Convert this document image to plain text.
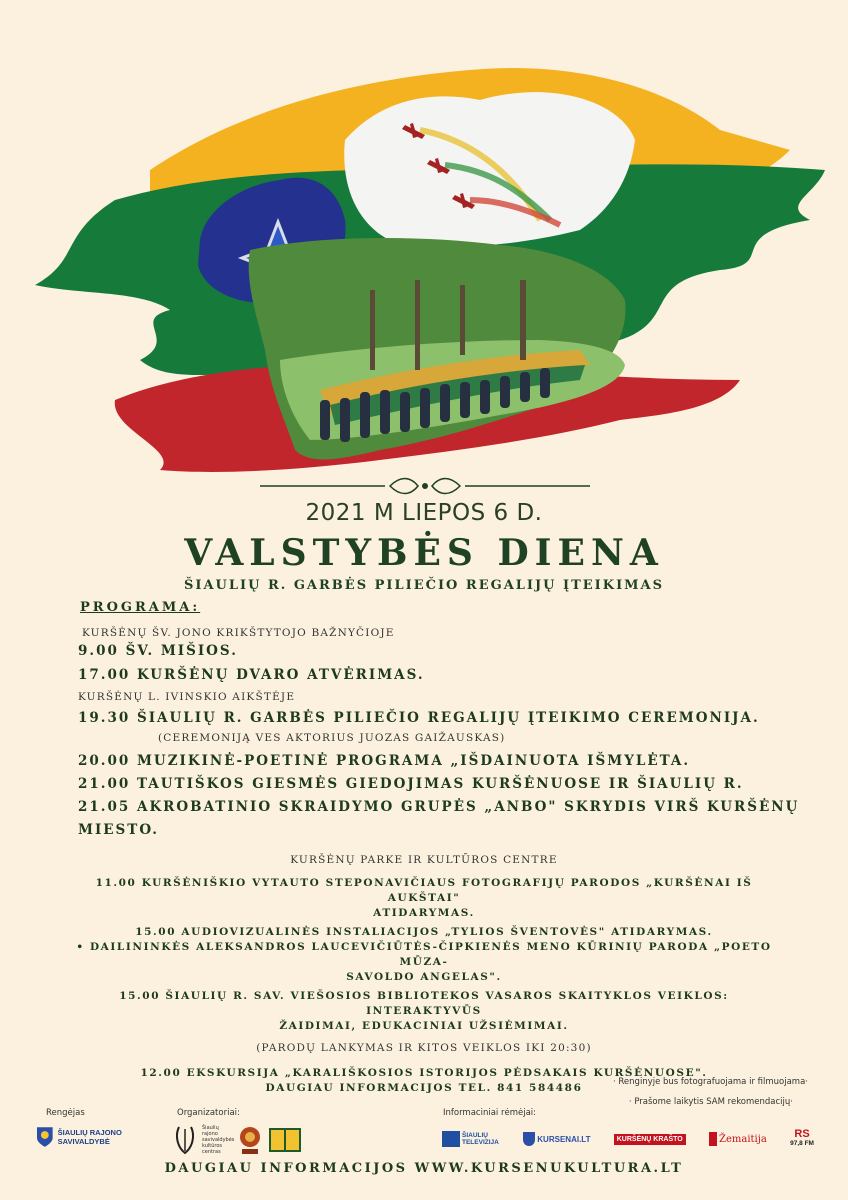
2021 M LIEPOS 6 D.
VALSTYBĖS DIENA
ŠIAULIŲ R. GARBĖS PILIEČIO REGALIJŲ ĮTEIKIMAS
PROGRAMA:
KURŠĖNŲ ŠV. JONO KRIKŠTYTOJO BAŽNYČIOJE
9.00 ŠV. MIŠIOS.
17.00 KURŠĖNŲ DVARO ATVĖRIMAS.
KURŠĖNŲ L. IVINSKIO AIKŠTĖJE
19.30 ŠIAULIŲ R. GARBĖS PILIEČIO REGALIJŲ ĮTEIKIMO CEREMONIJA.
(CEREMONIJĄ VES AKTORIUS JUOZAS GAIŽAUSKAS)
20.00 MUZIKINĖ-POETINĖ PROGRAMA „IŠDAINUOTA IŠMYLĖTA.
21.00 TAUTIŠKOS GIESMĖS GIEDOJIMAS KURŠĖNUOSE IR ŠIAULIŲ R.
21.05 AKROBATINIO SKRAIDYMO GRUPĖS „ANBO" SKRYDIS VIRŠ KURŠĖNŲ
MIESTO.
KURŠĖNŲ PARKE IR KULTŪROS CENTRE
11.00 KURŠĖNIŠKIO VYTAUTO STEPONAVIČIAUS FOTOGRAFIJŲ PARODOS „KURŠĖNAI IŠ AUKŠTAI"
ATIDARYMAS.
15.00 AUDIOVIZUALINĖS INSTALIACIJOS „TYLIOS ŠVENTOVĖS" ATIDARYMAS.
• DAILININKĖS ALEKSANDROS LAUCEVIČIŪTĖS-ČIPKIENĖS MENO KŪRINIŲ PARODA „POETO MŪZA-
SAVOLDO ANGELAS".
15.00 ŠIAULIŲ R. SAV. VIEŠOSIOS BIBLIOTEKOS VASAROS SKAITYKLOS VEIKLOS: INTERAKTYVŪS
ŽAIDIMAI, EDUKACINIAI UŽSIĖMIMAI.
(PARODŲ LANKYMAS IR KITOS VEIKLOS IKI 20:30)
12.00 EKSKURSIJA „KARALIŠKOSIOS ISTORIJOS PĖDSAKAIS KURŠĖNUOSE".
DAUGIAU INFORMACIJOS TEL. 841 584486	· Renginyje bus fotografuojama ir filmuojama·
· Prašome laikytis SAM rekomendacijų·
Rengėjas
ŠIAULIŲ RAJONO SAVIVALDYBĖ
Organizatoriai:
Šiaulių rajono savivaldybės kultūros centras
Informaciniai rėmėjai:
ŠIAULIŲ TELEVIZIJA	KURSENAI.LT	KURŠĖNŲ KRAŠTO	Žemaitija	RS
97,8 FM
DAUGIAU INFORMACIJOS WWW.KURSENUKULTURA.LT
